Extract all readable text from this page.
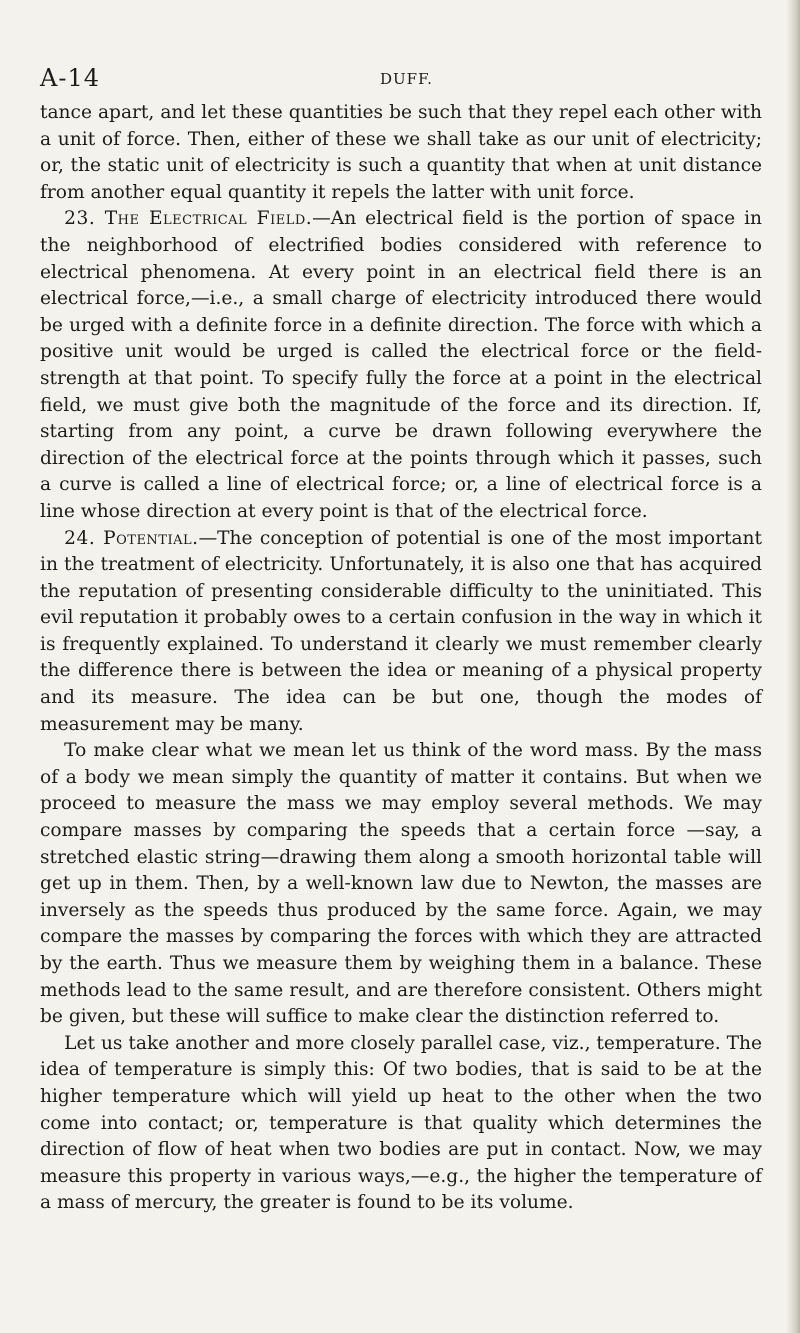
A-14	DUFF.

tance apart, and let these quantities be such that they repel each other with a unit of force. Then, either of these we shall take as our unit of electricity; or, the static unit of electricity is such a quantity that when at unit distance from another equal quantity it repels the latter with unit force.

23. The Electrical Field.—An electrical field is the portion of space in the neighborhood of electrified bodies considered with reference to electrical phenomena. At every point in an electrical field there is an electrical force,—i.e., a small charge of electricity introduced there would be urged with a definite force in a definite direction. The force with which a positive unit would be urged is called the electrical force or the field-strength at that point. To specify fully the force at a point in the electrical field, we must give both the magnitude of the force and its direction. If, starting from any point, a curve be drawn following everywhere the direction of the electrical force at the points through which it passes, such a curve is called a line of electrical force; or, a line of electrical force is a line whose direction at every point is that of the electrical force.

24. Potential.—The conception of potential is one of the most important in the treatment of electricity. Unfortunately, it is also one that has acquired the reputation of presenting considerable difficulty to the uninitiated. This evil reputation it probably owes to a certain confusion in the way in which it is frequently explained. To understand it clearly we must remember clearly the difference there is between the idea or meaning of a physical property and its measure. The idea can be but one, though the modes of measurement may be many.

To make clear what we mean let us think of the word mass. By the mass of a body we mean simply the quantity of matter it contains. But when we proceed to measure the mass we may employ several methods. We may compare masses by comparing the speeds that a certain force —say, a stretched elastic string—drawing them along a smooth horizontal table will get up in them. Then, by a well-known law due to Newton, the masses are inversely as the speeds thus produced by the same force. Again, we may compare the masses by comparing the forces with which they are attracted by the earth. Thus we measure them by weighing them in a balance. These methods lead to the same result, and are therefore consistent. Others might be given, but these will suffice to make clear the distinction referred to.

Let us take another and more closely parallel case, viz., temperature. The idea of temperature is simply this: Of two bodies, that is said to be at the higher temperature which will yield up heat to the other when the two come into contact; or, temperature is that quality which determines the direction of flow of heat when two bodies are put in contact. Now, we may measure this property in various ways,—e.g., the higher the temperature of a mass of mercury, the greater is found to be its volume.
